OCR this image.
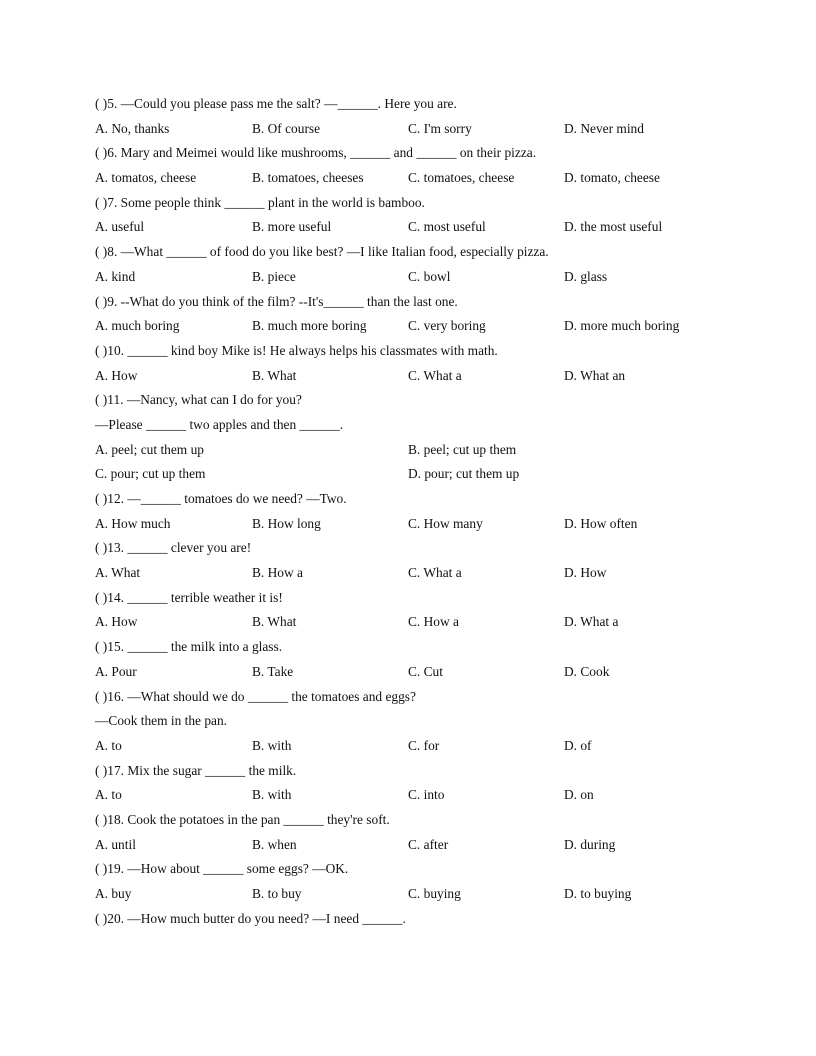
( )5. —Could you please pass me the salt? —______. Here you are.
A. No, thanks	B. Of course	C. I'm sorry	D. Never mind
( )6. Mary and Meimei would like mushrooms, ______ and ______ on their pizza.
A. tomatos, cheese	B. tomatoes, cheeses	C. tomatoes, cheese	D. tomato, cheese
( )7. Some people think ______ plant in the world is bamboo.
A. useful	B. more useful	C. most useful	D. the most useful
( )8. —What ______ of food do you like best? —I like Italian food, especially pizza.
A. kind	B. piece	C. bowl	D. glass
( )9. --What do you think of the film? --It's______ than the last one.
A. much boring	B. much more boring	C. very boring	D. more much boring
( )10. ______ kind boy Mike is! He always helps his classmates with math.
A. How	B. What	C. What a	D. What an
( )11. —Nancy, what can I do for you?
—Please ______ two apples and then ______.
A. peel; cut them up	B. peel; cut up them
C. pour; cut up them	D. pour; cut them up
( )12. —______ tomatoes do we need? —Two.
A. How much	B. How long	C. How many	D. How often
( )13. ______ clever you are!
A. What	B. How a	C. What a	D. How
( )14. ______ terrible weather it is!
A. How	B. What	C. How a	D. What a
( )15. ______ the milk into a glass.
A. Pour	B. Take	C. Cut	D. Cook
( )16. —What should we do ______ the tomatoes and eggs?
—Cook them in the pan.
A. to	B. with	C. for	D. of
( )17. Mix the sugar ______ the milk.
A. to	B. with	C. into	D. on
( )18. Cook the potatoes in the pan ______ they're soft.
A. until	B. when	C. after	D. during
( )19. —How about ______ some eggs? —OK.
A. buy	B. to buy	C. buying	D. to buying
( )20. —How much butter do you need? —I need ______.
